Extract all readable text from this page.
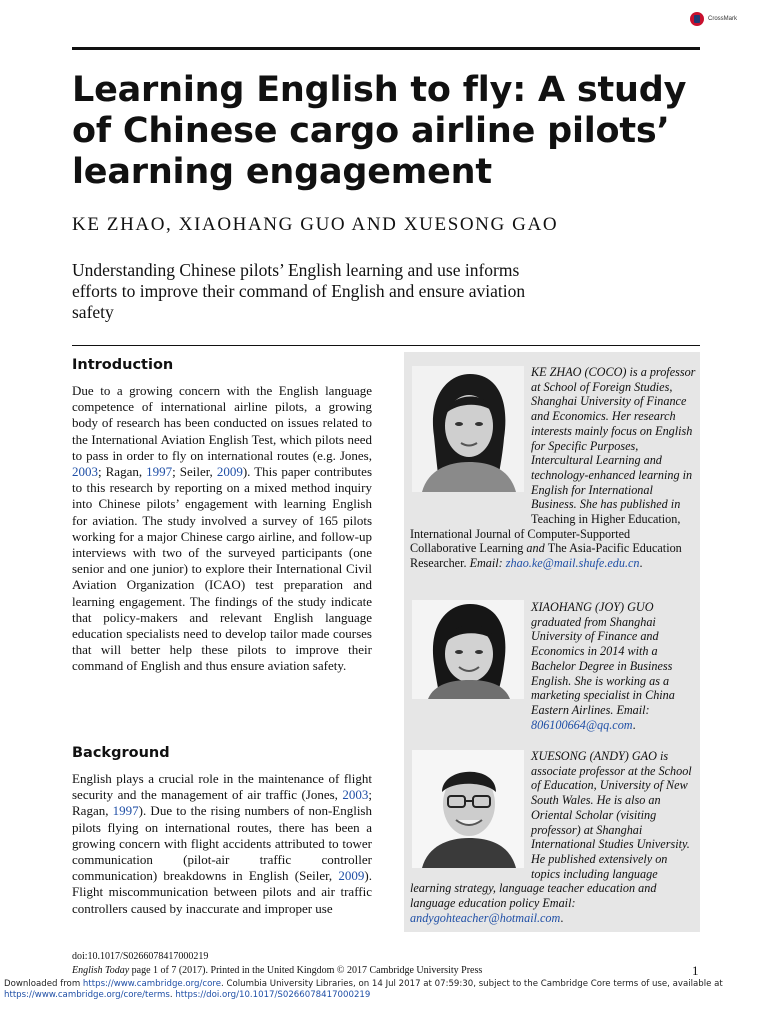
CrossMark
Learning English to fly: A study of Chinese cargo airline pilots’ learning engagement
KE ZHAO, XIAOHANG GUO AND XUESONG GAO
Understanding Chinese pilots’ English learning and use informs efforts to improve their command of English and ensure aviation safety
Introduction
Due to a growing concern with the English language competence of international airline pilots, a growing body of research has been conducted on issues related to the International Aviation English Test, which pilots need to pass in order to fly on international routes (e.g. Jones, 2003; Ragan, 1997; Seiler, 2009). This paper contributes to this research by reporting on a mixed method inquiry into Chinese pilots’ engagement with learning English for aviation. The study involved a survey of 165 pilots working for a major Chinese cargo airline, and follow-up interviews with two of the surveyed participants (one senior and one junior) to explore their International Civil Aviation Organization (ICAO) test preparation and learning engagement. The findings of the study indicate that policy-makers and relevant English language education specialists need to develop tailor made courses that will better help these pilots to improve their command of English and thus ensure aviation safety.
Background
English plays a crucial role in the maintenance of flight security and the management of air traffic (Jones, 2003; Ragan, 1997). Due to the rising numbers of non-English pilots flying on international routes, there has been a growing concern with flight accidents attributed to tower communication (pilot-air traffic controller communication) breakdowns in English (Seiler, 2009). Flight miscommunication between pilots and air traffic controllers caused by inaccurate and improper use
KE ZHAO (COCO) is a professor at School of Foreign Studies, Shanghai University of Finance and Economics. Her research interests mainly focus on English for Specific Purposes, Intercultural Learning and technology-enhanced learning in English for International Business. She has published in Teaching in Higher Education, International Journal of Computer-Supported Collaborative Learning and The Asia-Pacific Education Researcher. Email: zhao.ke@mail.shufe.edu.cn.
XIAOHANG (JOY) GUO graduated from Shanghai University of Finance and Economics in 2014 with a Bachelor Degree in Business English. She is working as a marketing specialist in China Eastern Airlines. Email: 806100664@qq.com.
XUESONG (ANDY) GAO is associate professor at the School of Education, University of New South Wales. He is also an Oriental Scholar (visiting professor) at Shanghai International Studies University. He published extensively on topics including language learning strategy, language teacher education and language education policy Email: andygohteacher@hotmail.com.
doi:10.1017/S0266078417000219
English Today page 1 of 7 (2017). Printed in the United Kingdom © 2017 Cambridge University Press	1
Downloaded from https://www.cambridge.org/core. Columbia University Libraries, on 14 Jul 2017 at 07:59:30, subject to the Cambridge Core terms of use, available at https://www.cambridge.org/core/terms. https://doi.org/10.1017/S0266078417000219
